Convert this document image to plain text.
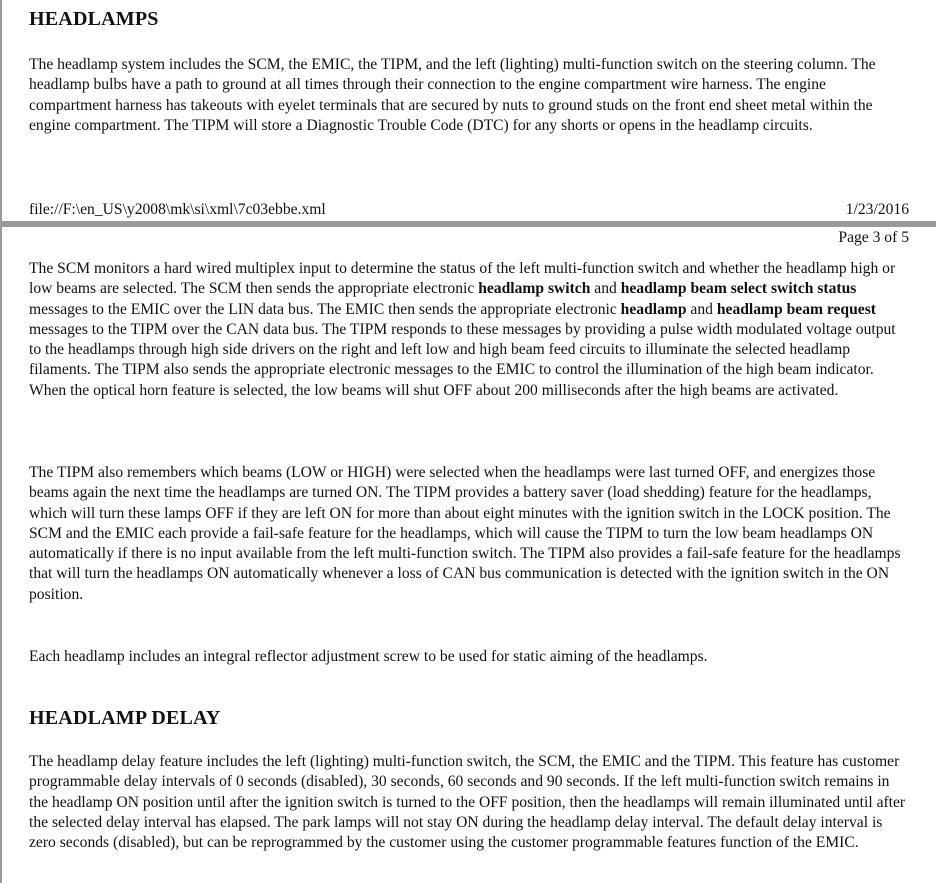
HEADLAMPS

The headlamp system includes the SCM, the EMIC, the TIPM, and the left (lighting) multi-function switch on the steering column. The headlamp bulbs have a path to ground at all times through their connection to the engine compartment wire harness. The engine compartment harness has takeouts with eyelet terminals that are secured by nuts to ground studs on the front end sheet metal within the engine compartment. The TIPM will store a Diagnostic Trouble Code (DTC) for any shorts or opens in the headlamp circuits.

file://F:\en_US\y2008\mk\si\xml\7c03ebbe.xml	1/23/2016
Page 3 of 5

The SCM monitors a hard wired multiplex input to determine the status of the left multi-function switch and whether the headlamp high or low beams are selected. The SCM then sends the appropriate electronic headlamp switch and headlamp beam select switch status messages to the EMIC over the LIN data bus. The EMIC then sends the appropriate electronic headlamp and headlamp beam request messages to the TIPM over the CAN data bus. The TIPM responds to these messages by providing a pulse width modulated voltage output to the headlamps through high side drivers on the right and left low and high beam feed circuits to illuminate the selected headlamp filaments. The TIPM also sends the appropriate electronic messages to the EMIC to control the illumination of the high beam indicator. When the optical horn feature is selected, the low beams will shut OFF about 200 milliseconds after the high beams are activated.

The TIPM also remembers which beams (LOW or HIGH) were selected when the headlamps were last turned OFF, and energizes those beams again the next time the headlamps are turned ON. The TIPM provides a battery saver (load shedding) feature for the headlamps, which will turn these lamps OFF if they are left ON for more than about eight minutes with the ignition switch in the LOCK position. The SCM and the EMIC each provide a fail-safe feature for the headlamps, which will cause the TIPM to turn the low beam headlamps ON automatically if there is no input available from the left multi-function switch. The TIPM also provides a fail-safe feature for the headlamps that will turn the headlamps ON automatically whenever a loss of CAN bus communication is detected with the ignition switch in the ON position.

Each headlamp includes an integral reflector adjustment screw to be used for static aiming of the headlamps.

HEADLAMP DELAY

The headlamp delay feature includes the left (lighting) multi-function switch, the SCM, the EMIC and the TIPM. This feature has customer programmable delay intervals of 0 seconds (disabled), 30 seconds, 60 seconds and 90 seconds. If the left multi-function switch remains in the headlamp ON position until after the ignition switch is turned to the OFF position, then the headlamps will remain illuminated until after the selected delay interval has elapsed. The park lamps will not stay ON during the headlamp delay interval. The default delay interval is zero seconds (disabled), but can be reprogrammed by the customer using the customer programmable features function of the EMIC.
